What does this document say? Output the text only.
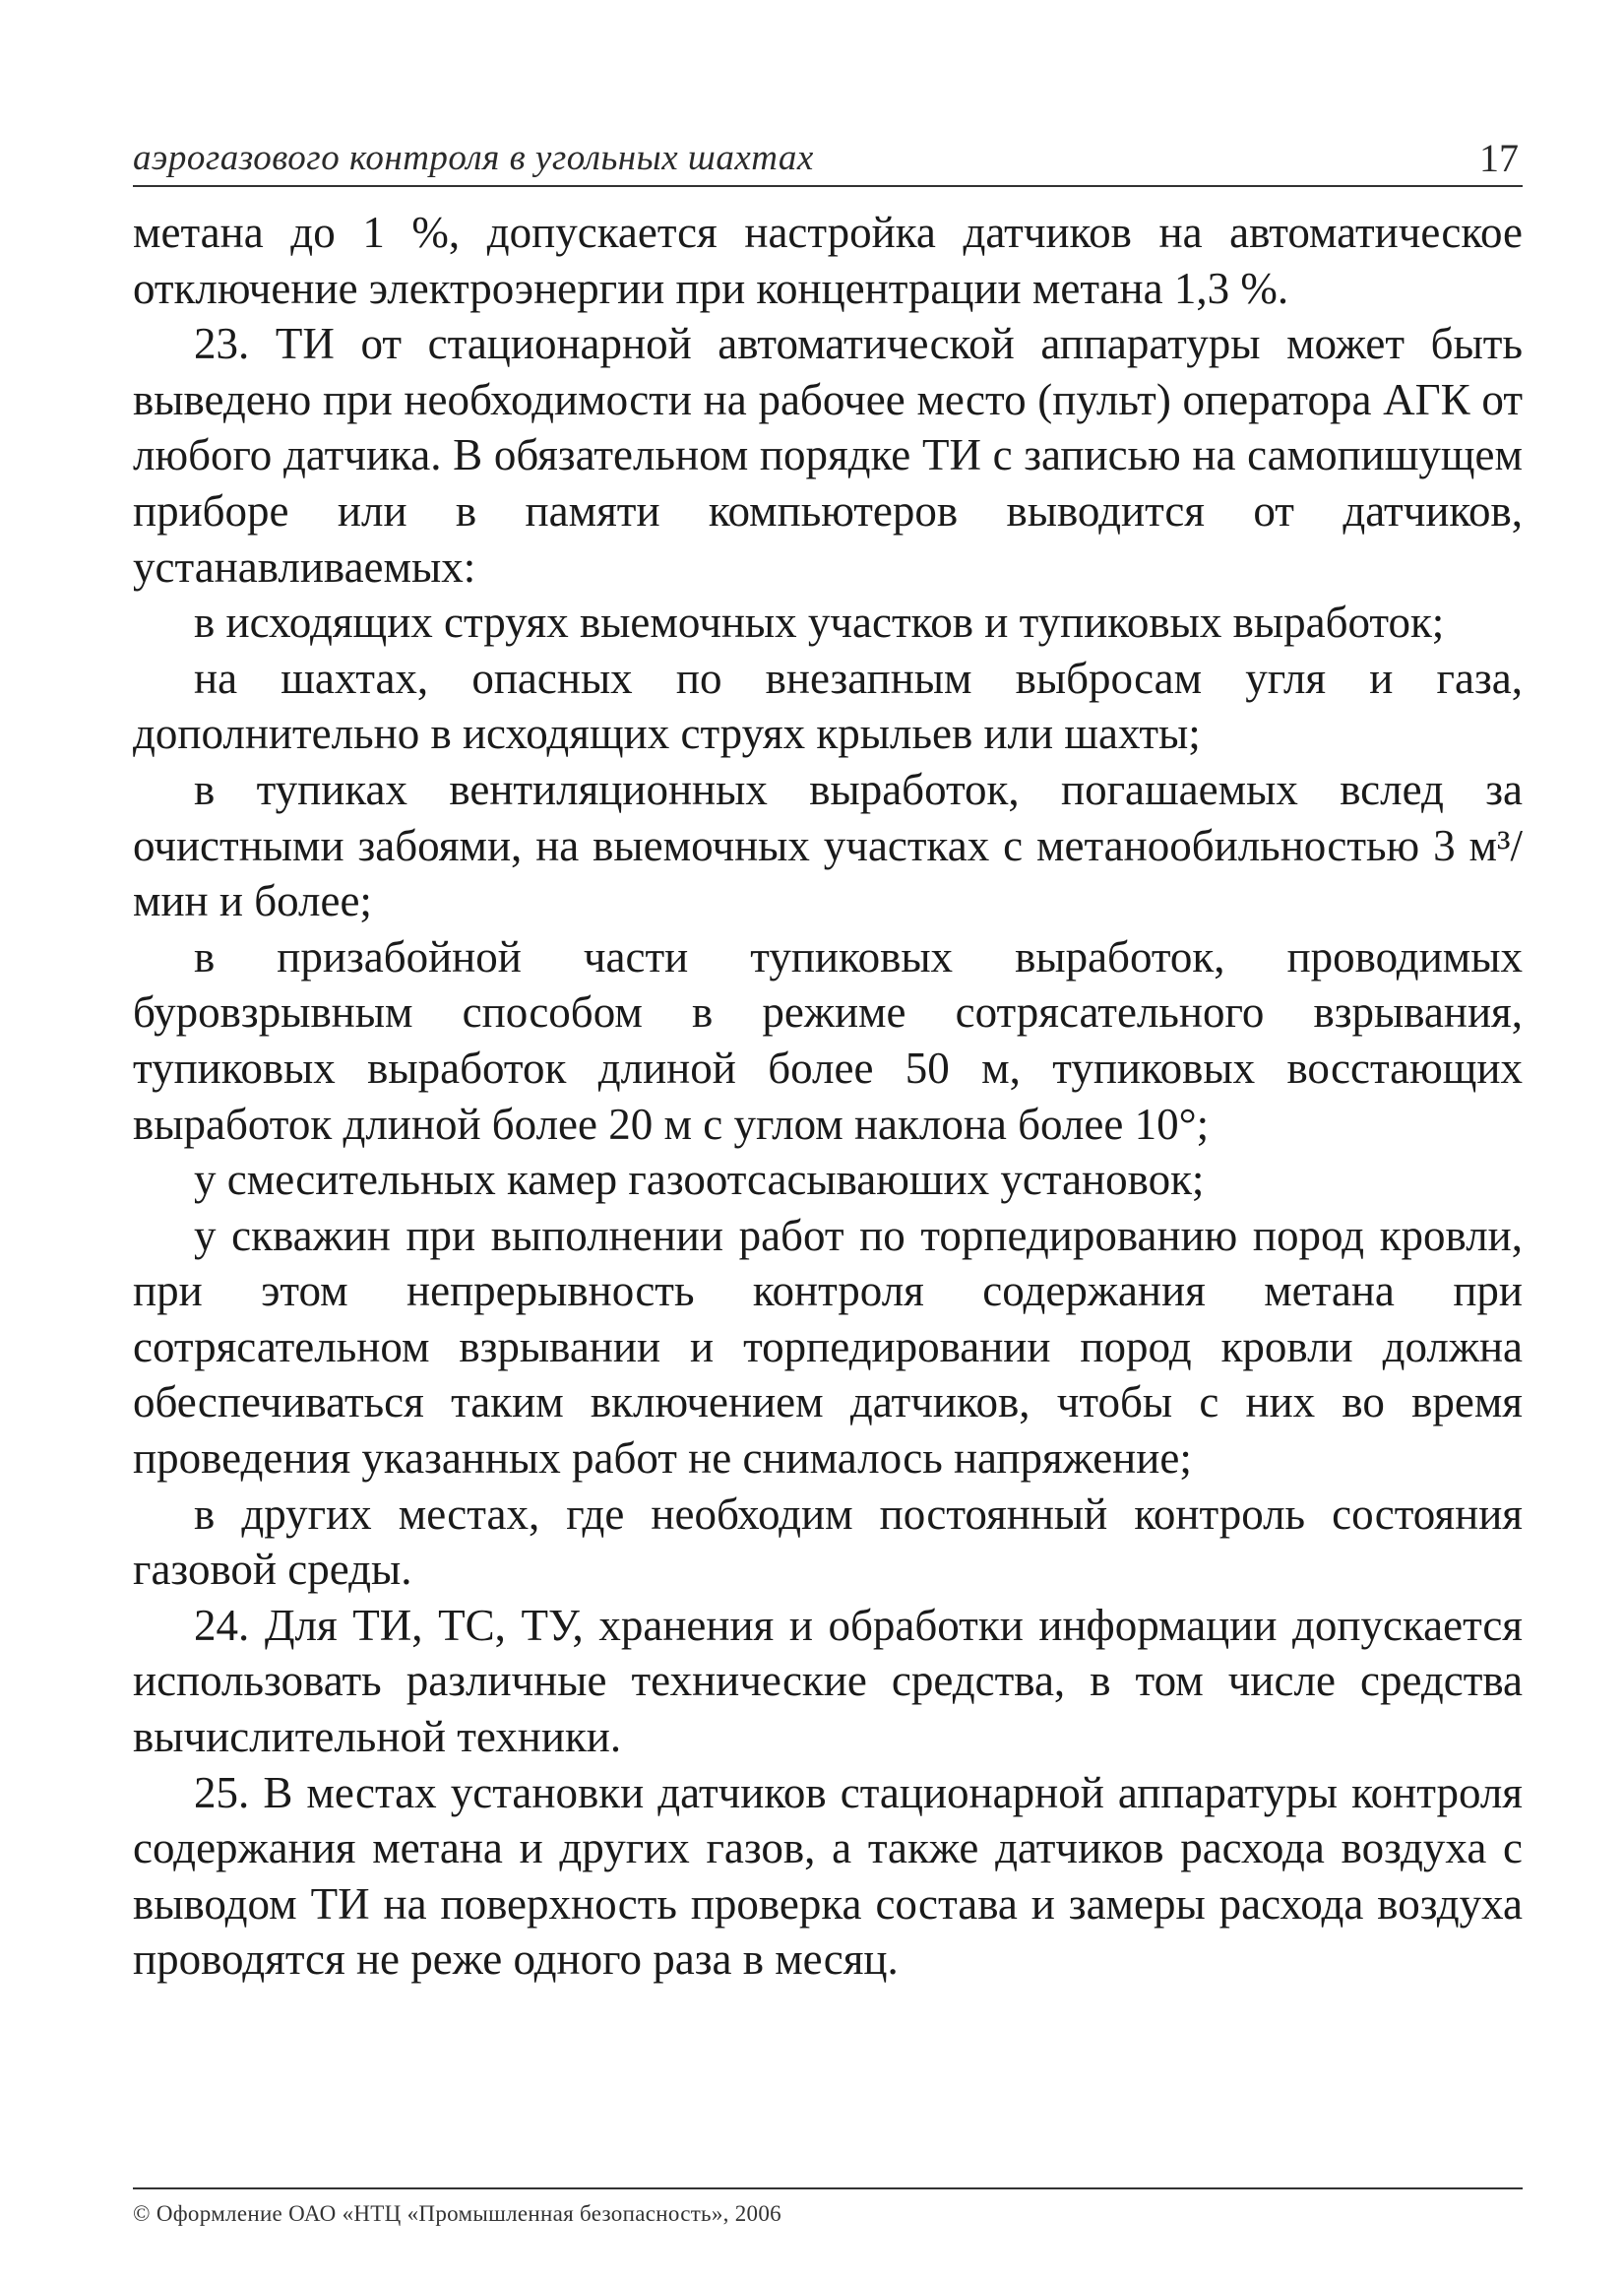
аэрогазового контроля в угольных шахтах	17

метана до 1 %, допускается настройка датчиков на автоматическое отключение электроэнергии при концентрации метана 1,3 %.

23. ТИ от стационарной автоматической аппаратуры может быть выведено при необходимости на рабочее место (пульт) оператора АГК от любого датчика. В обязательном порядке ТИ с записью на самопишущем приборе или в памяти компьютеров выводится от датчиков, устанавливаемых:

в исходящих струях выемочных участков и тупиковых выработок;

на шахтах, опасных по внезапным выбросам угля и газа, дополнительно в исходящих струях крыльев или шахты;

в тупиках вентиляционных выработок, погашаемых вслед за очистными забоями, на выемочных участках с метанообильностью 3 м³/мин и более;

в призабойной части тупиковых выработок, проводимых буровзрывным способом в режиме сотрясательного взрывания, тупиковых выработок длиной более 50 м, тупиковых восстающих выработок длиной более 20 м с углом наклона более 10°;

у смесительных камер газоотсасываюших установок;

у скважин при выполнении работ по торпедированию пород кровли, при этом непрерывность контроля содержания метана при сотрясательном взрывании и торпедировании пород кровли должна обеспечиваться таким включением датчиков, чтобы с них во время проведения указанных работ не снималось напряжение;

в других местах, где необходим постоянный контроль состояния газовой среды.

24. Для ТИ, ТС, ТУ, хранения и обработки информации допускается использовать различные технические средства, в том числе средства вычислительной техники.

25. В местах установки датчиков стационарной аппаратуры контроля содержания метана и других газов, а также датчиков расхода воздуха с выводом ТИ на поверхность проверка состава и замеры расхода воздуха проводятся не реже одного раза в месяц.

© Оформление ОАО «НТЦ «Промышленная безопасность», 2006
